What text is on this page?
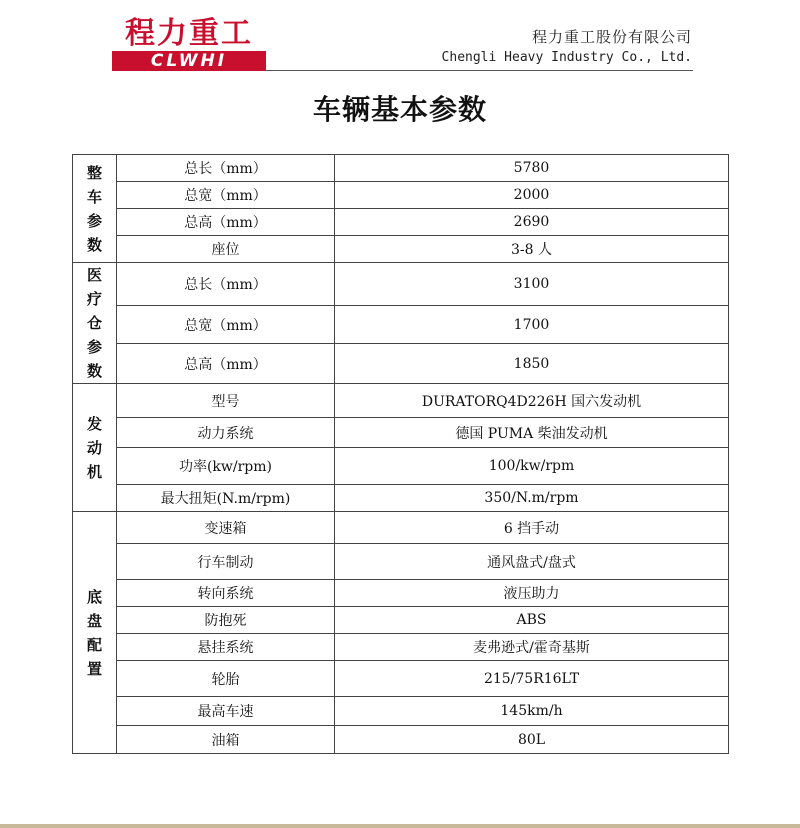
程力重工
CLWHI
程力重工股份有限公司
Chengli Heavy Industry Co., Ltd.
车辆基本参数
整车参数	总长（mm）	5780
	总宽（mm）	2000
	总高（mm）	2690
	座位	3-8 人

医疗仓参数	总长（mm）	3100
	总宽（mm）	1700
	总高（mm）	1850

发动机	型号	DURATORQ4D226H 国六发动机
	动力系统	德国 PUMA 柴油发动机
	功率(kw/rpm)	100/kw/rpm
	最大扭矩(N.m/rpm)	350/N.m/rpm

底盘配置	变速箱	6 挡手动
	行车制动	通风盘式/盘式
	转向系统	液压助力
	防抱死	ABS
	悬挂系统	麦弗逊式/霍奇基斯
	轮胎	215/75R16LT
	最高车速	145km/h
	油箱	80L
